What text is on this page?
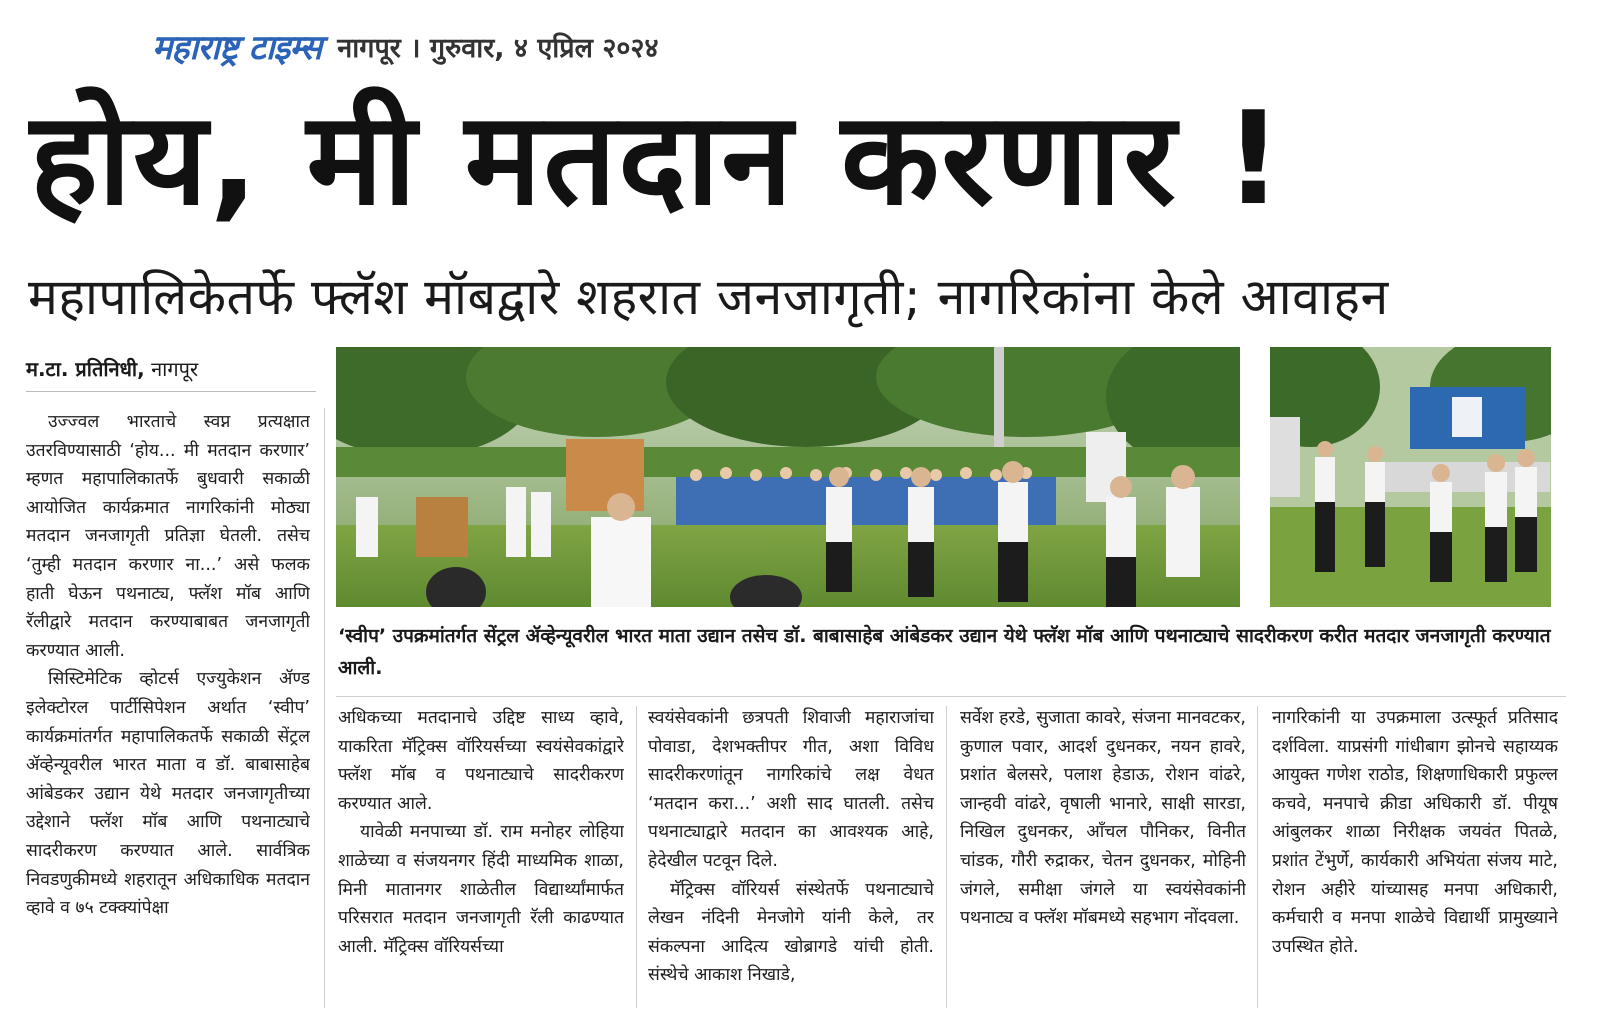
महाराष्ट्र टाइम्स नागपूर । गुरुवार, ४ एप्रिल २०२४
होय, मी मतदान करणार !
महापालिकेतर्फे फ्लॅश मॉबद्वारे शहरात जनजागृती; नागरिकांना केले आवाहन
म.टा. प्रतिनिधी, नागपूर

उज्ज्वल भारताचे स्वप्न प्रत्यक्षात उतरविण्यासाठी ‘होय... मी मतदान करणार’ म्हणत महापालिकातर्फे बुधवारी सकाळी आयोजित कार्यक्रमात नागरिकांनी मोठ्या मतदान जनजागृती प्रतिज्ञा घेतली. तसेच ‘तुम्ही मतदान करणार ना...’ असे फलक हाती घेऊन पथनाट्य, फ्लॅश मॉब आणि रॅलीद्वारे मतदान करण्याबाबत जनजागृती करण्यात आली.

सिस्टिमेटिक व्होटर्स एज्युकेशन ॲण्ड इलेक्टोरल पार्टीसिपेशन अर्थात ‘स्वीप’ कार्यक्रमांतर्गत महापालिकतर्फे सकाळी सेंट्रल ॲव्हेन्यूवरील भारत माता व डॉ. बाबासाहेब आंबेडकर उद्यान येथे मतदार जनजागृतीच्या उद्देशाने फ्लॅश मॉब आणि पथनाट्याचे सादरीकरण करण्यात आले. सार्वत्रिक निवडणुकीमध्ये शहरातून अधिकाधिक मतदान व्हावे व ७५ टक्क्यांपेक्षा

‘स्वीप’ उपक्रमांतर्गत सेंट्रल ॲव्हेन्यूवरील भारत माता उद्यान तसेच डॉ. बाबासाहेब आंबेडकर उद्यान येथे फ्लॅश मॉब आणि पथनाट्याचे सादरीकरण करीत मतदार जनजागृती करण्यात आली.

अधिकच्या मतदानाचे उद्दिष्ट साध्य व्हावे, याकरिता मॅट्रिक्स वॉरियर्सच्या स्वयंसेवकांद्वारे फ्लॅश मॉब व पथनाट्याचे सादरीकरण करण्यात आले.

यावेळी मनपाच्या डॉ. राम मनोहर लोहिया शाळेच्या व संजयनगर हिंदी माध्यमिक शाळा, मिनी मातानगर शाळेतील विद्यार्थ्यांमार्फत परिसरात मतदान जनजागृती रॅली काढण्यात आली. मॅट्रिक्स वॉरियर्सच्या

स्वयंसेवकांनी छत्रपती शिवाजी महाराजांचा पोवाडा, देशभक्तीपर गीत, अशा विविध सादरीकरणांतून नागरिकांचे लक्ष वेधत ‘मतदान करा...’ अशी साद घातली. तसेच पथनाट्याद्वारे मतदान का आवश्यक आहे, हेदेखील पटवून दिले.

मॅट्रिक्स वॉरियर्स संस्थेतर्फे पथनाट्याचे लेखन नंदिनी मेनजोगे यांनी केले, तर संकल्पना आदित्य खोब्रागडे यांची होती. संस्थेचे आकाश निखाडे,

सर्वेश हरडे, सुजाता कावरे, संजना मानवटकर, कुणाल पवार, आदर्श दुधनकर, नयन हावरे, प्रशांत बेलसरे, पलाश हेडाऊ, रोशन वांढरे, जान्हवी वांढरे, वृषाली भानारे, साक्षी सारडा, निखिल दुधनकर, आँचल पौनिकर, विनीत चांडक, गौरी रुद्राकर, चेतन दुधनकर, मोहिनी जंगले, समीक्षा जंगले या स्वयंसेवकांनी पथनाट्य व फ्लॅश मॉबमध्ये सहभाग नोंदवला.

नागरिकांनी या उपक्रमाला उत्स्फूर्त प्रतिसाद दर्शविला. याप्रसंगी गांधीबाग झोनचे सहाय्यक आयुक्त गणेश राठोड, शिक्षणाधिकारी प्रफुल्ल कचवे, मनपाचे क्रीडा अधिकारी डॉ. पीयूष आंबुलकर शाळा निरीक्षक जयवंत पितळे, प्रशांत टेंभुर्णे, कार्यकारी अभियंता संजय माटे, रोशन अहीरे यांच्यासह मनपा अधिकारी, कर्मचारी व मनपा शाळेचे विद्यार्थी प्रामुख्याने उपस्थित होते.
